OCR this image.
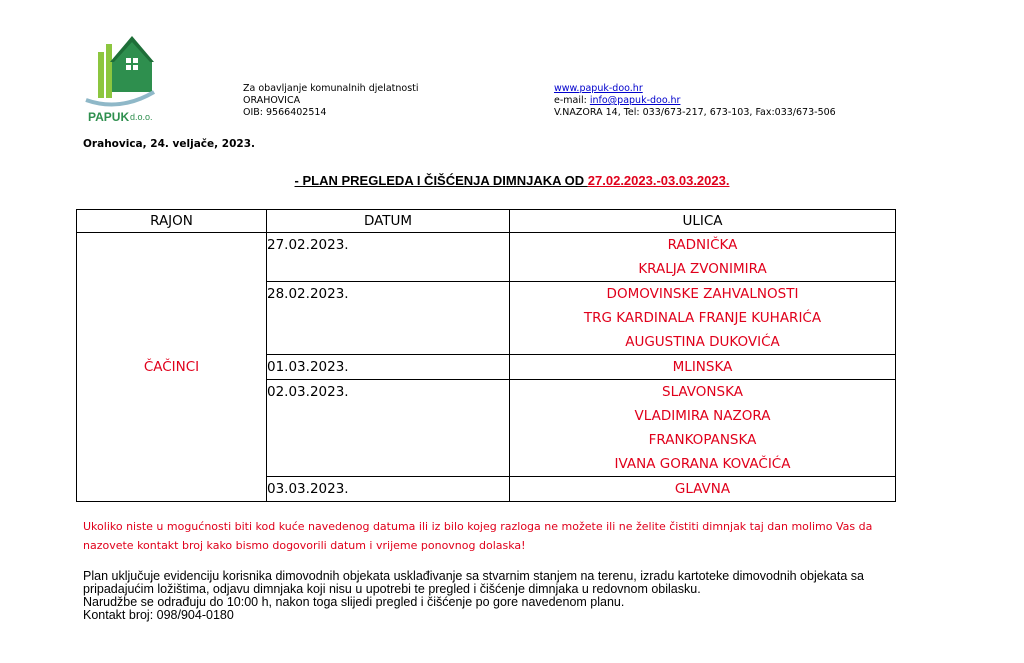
PAPUK d.o.o.
Za obavljanje komunalnih djelatnosti
ORAHOVICA
OIB: 9566402514
www.papuk-doo.hr
e-mail: info@papuk-doo.hr
V.NAZORA 14, Tel: 033/673-217, 673-103, Fax:033/673-506
Orahovica, 24. veljače, 2023.
- PLAN PREGLEDA I ČIŠĆENJA DIMNJAKA OD 27.02.2023.-03.03.2023.
RAJON	DATUM	ULICA
ČAČINCI	27.02.2023.	RADNIČKA
KRALJA ZVONIMIRA

	28.02.2023.	DOMOVINSKE ZAHVALNOSTI
TRG KARDINALA FRANJE KUHARIĆA
AUGUSTINA DUKOVIĆA

	01.03.2023.	MLINSKA

	02.03.2023.	SLAVONSKA
VLADIMIRA NAZORA
FRANKOPANSKA
IVANA GORANA KOVAČIĆA

	03.03.2023.	GLAVNA
Ukoliko niste u mogućnosti biti kod kuće navedenog datuma ili iz bilo kojeg razloga ne možete ili ne želite čistiti dimnjak taj dan molimo Vas da nazovete kontakt broj kako bismo dogovorili datum i vrijeme ponovnog dolaska!
Plan uključuje evidenciju korisnika dimovodnih objekata usklađivanje sa stvarnim stanjem na terenu, izradu kartoteke dimovodnih objekata sa pripadajućim ložištima, odjavu dimnjaka koji nisu u upotrebi te pregled i čišćenje dimnjaka u redovnom obilasku.
Narudžbe se odrađuju do 10:00 h, nakon toga slijedi pregled i čišćenje po gore navedenom planu.
Kontakt broj: 098/904-0180
